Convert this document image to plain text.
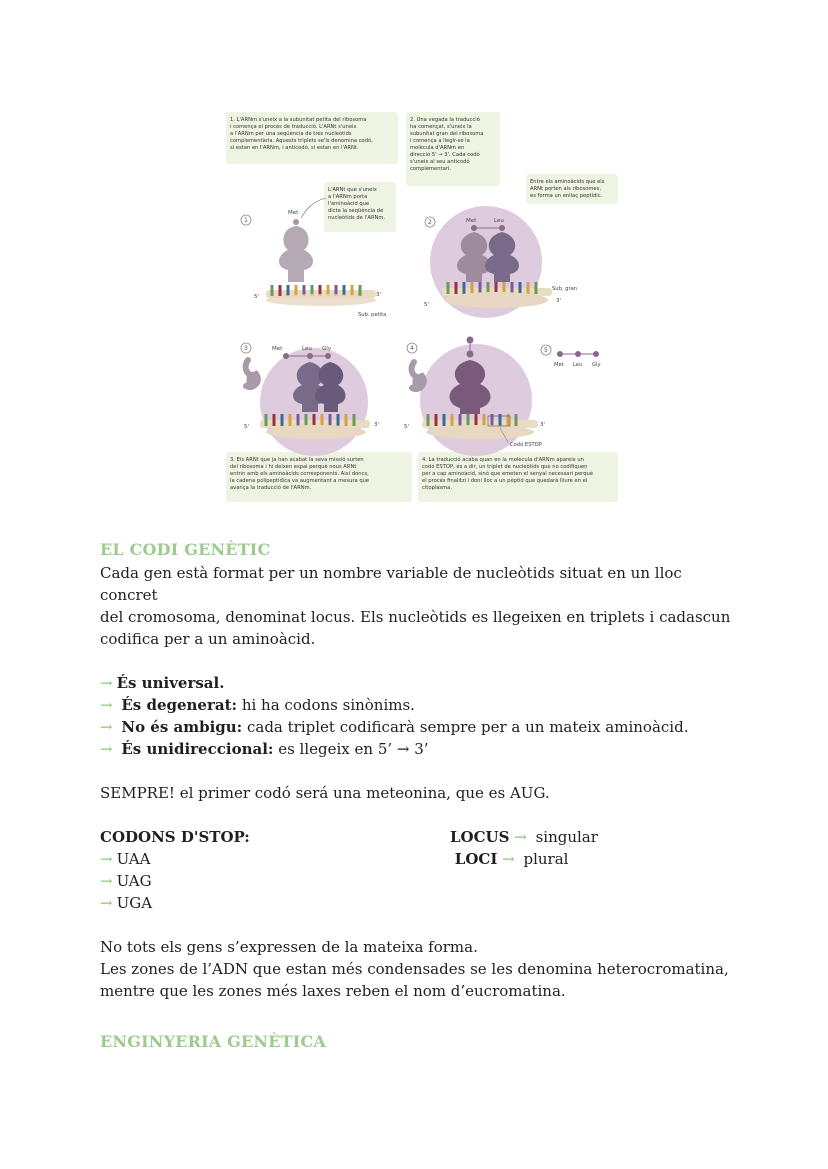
1. L'ARNm s'uneix a la subunitat petita del ribosoma
i comença el procés de traducció. L'ARNt s'uneix
a l'ARNm per una seqüència de tres nucleòtids
complementària. Aquests triplets se'ls denomina codó,
si estan en l'ARNm, i anticodó, si estan en l'ARNt.
2. Una vegada la traducció
ha començat, s'uneix la
subunitat gran del ribosoma
i comença a llegir-se la
molècula d'ARNm en
direcció 5' → 3'. Cada codó
s'uneix al seu anticodó
complementari.
L'ARNt que s'uneix
a l'ARNm porta
l'aminoàcid que
dicta la seqüència de
nucleòtids de l'ARNm.
Entre els aminoàcids que els
ARNt porten als ribosomes,
es forma un enllaç peptídic.
3. Els ARNt que ja han acabat la seva missió surten
del ribosoma i hi deixen espai perquè nous ARNt
entrin amb els aminoàcids corresponents. Així doncs,
la cadena polipeptídica va augmentant a mesura que
avança la traducció de l'ARNm.
4. La traducció acaba quan en la molècula d'ARNm apareix un
codó ESTOP, és a dir, un triplet de nucleòtids que no codifiquen
per a cap aminoàcid, sinó que emeten el senyal necessari perquè
el procés finalitzi i doni lloc a un pèptid que quedarà lliure en el
citoplasma.
1
Met
5'	3'
Sub. petita
2	Met	Leu
5'
3'
Sub. gran
3	Met	Leu Gly
5'	3'
4
5'	3'
Codó ESTOP
5
Met Leu Gly
EL CODI GENÈTIC

Cada gen està format per un nombre variable de nucleòtids situat en un lloc concret

del cromosoma, denominat locus. Els nucleòtids es llegeixen en triplets i cadascun

codifica per a un aminoàcid.

→ És universal.

→ És degenerat: hi ha codons sinònims.

→ No és ambigu: cada triplet codificarà sempre per a un mateix aminoàcid.

→ És unidireccional: es llegeix en 5’ → 3’

SEMPRE! el primer codó será una meteonina, que es AUG.

CODONS D'STOP:

→ UAA

→ UAG

→ UGA

LOCUS → singular

LOCI → plural

No tots els gens s’expressen de la mateixa forma.

Les zones de l’ADN que estan més condensades se les denomina heterocromatina,

mentre que les zones més laxes reben el nom d’eucromatina.

ENGINYERIA GENÈTICA
